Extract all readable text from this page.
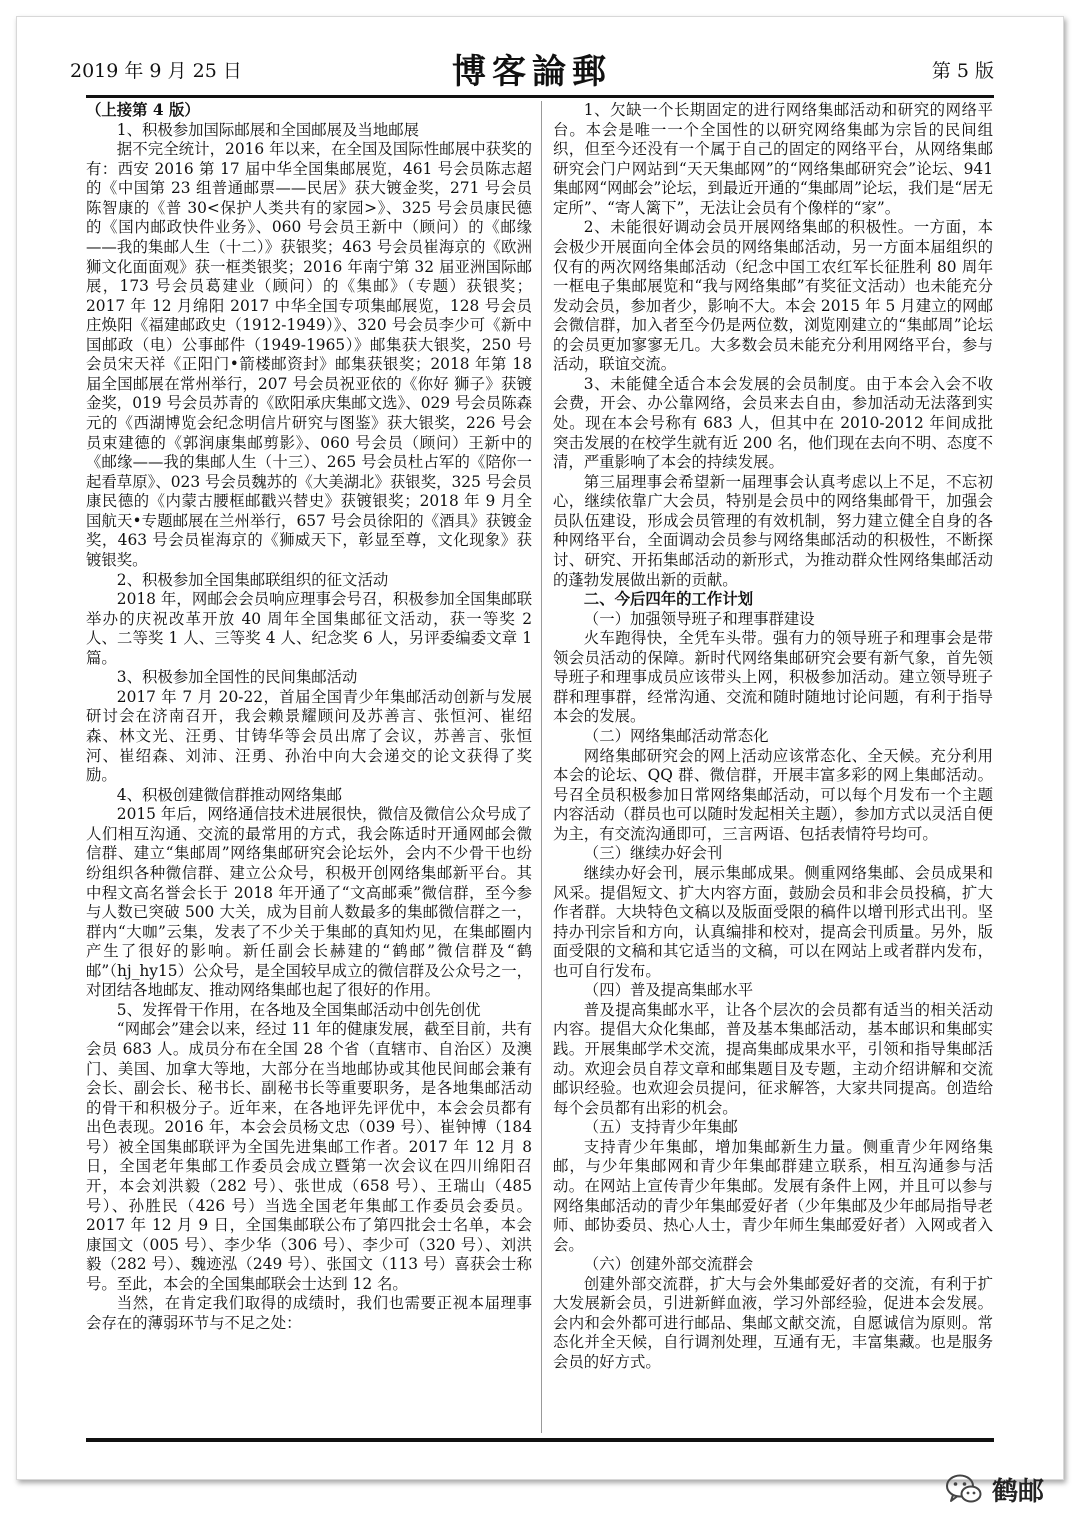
2019 年 9 月 25 日	博客論郵	第 5 版

（上接第 4 版）

1、积极参加国际邮展和全国邮展及当地邮展

据不完全统计，2016 年以来，在全国及国际性邮展中获奖的有：西安 2016 第 17 届中华全国集邮展览，461 号会员陈志超的《中国第 23 组普通邮票——民居》获大镀金奖，271 号会员陈智康的《普 30<保护人类共有的家园>》、325 号会员康民德的《国内邮政快件业务》、060 号会员王新中（顾问）的《邮缘——我的集邮人生（十二）》获银奖；463 号会员崔海京的《欧洲狮文化面面观》获一框类银奖；2016 年南宁第 32 届亚洲国际邮展，173 号会员葛建业（顾问）的《集邮》（专题）获银奖；2017 年 12 月绵阳 2017 中华全国专项集邮展览，128 号会员庄焕阳《福建邮政史（1912-1949）》、320 号会员李少可《新中国邮政（电）公事邮件（1949-1965）》邮集获大银奖，250 号会员宋天祥《正阳门•箭楼邮资封》邮集获银奖；2018 年第 18 届全国邮展在常州举行，207 号会员祝亚依的《你好 狮子》获镀金奖，019 号会员苏青的《欧阳承庆集邮文选》、029 号会员陈森元的《西湖博览会纪念明信片研究与图鉴》获大银奖，226 号会员束建德的《郭润康集邮剪影》、060 号会员（顾问）王新中的《邮缘——我的集邮人生（十三）、265 号会员杜占军的《陪你一起看草原》、023 号会员魏苏的《大美湖北》获银奖，325 号会员康民德的《内蒙古腰框邮戳兴替史》获镀银奖；2018 年 9 月全国航天•专题邮展在兰州举行，657 号会员徐阳的《酒具》获镀金奖，463 号会员崔海京的《狮威天下，彰显至尊，文化现象》获镀银奖。

2、积极参加全国集邮联组织的征文活动

2018 年，网邮会会员响应理事会号召，积极参加全国集邮联举办的庆祝改革开放 40 周年全国集邮征文活动，获一等奖 2 人、二等奖 1 人、三等奖 4 人、纪念奖 6 人，另评委编委文章 1 篇。

3、积极参加全国性的民间集邮活动

2017 年 7 月 20-22，首届全国青少年集邮活动创新与发展研讨会在济南召开，我会赖景耀顾问及苏善言、张恒河、崔绍森、林文光、汪勇、甘铸华等会员出席了会议，苏善言、张恒河、崔绍森、刘沛、汪勇、孙治中向大会递交的论文获得了奖励。

4、积极创建微信群推动网络集邮

2015 年后，网络通信技术进展很快，微信及微信公众号成了人们相互沟通、交流的最常用的方式，我会陈适时开通网邮会微信群、建立“集邮周”网络集邮研究会论坛外，会内不少骨干也纷纷组织各种微信群、建立公众号，积极开创网络集邮新平台。其中程文高名誉会长于 2018 年开通了“文高邮乘”微信群，至今参与人数已突破 500 大关，成为目前人数最多的集邮微信群之一，群内“大咖”云集，发表了不少关于集邮的真知灼见，在集邮圈内产生了很好的影响。新任副会长赫建的“鹤邮”微信群及“鹤邮”（hj_hy15）公众号，是全国较早成立的微信群及公众号之一，对团结各地邮友、推动网络集邮也起了很好的作用。

5、发挥骨干作用，在各地及全国集邮活动中创先创优

“网邮会”建会以来，经过 11 年的健康发展，截至目前，共有会员 683 人。成员分布在全国 28 个省（直辖市、自治区）及澳门、美国、加拿大等地，大部分在当地邮协或其他民间邮会兼有会长、副会长、秘书长、副秘书长等重要职务，是各地集邮活动的骨干和积极分子。近年来，在各地评先评优中，本会会员都有出色表现。2016 年，本会会员杨文忠（039 号）、崔钟博（184 号）被全国集邮联评为全国先进集邮工作者。2017 年 12 月 8 日，全国老年集邮工作委员会成立暨第一次会议在四川绵阳召开，本会刘洪毅（282 号）、张世成（658 号）、王瑞山（485 号）、孙胜民（426 号）当选全国老年集邮工作委员会委员。2017 年 12 月 9 日，全国集邮联公布了第四批会士名单，本会康国文（005 号）、李少华（306 号）、李少可（320 号）、刘洪毅（282 号）、魏迹泓（249 号）、张国文（113 号）喜获会士称号。至此，本会的全国集邮联会士达到 12 名。

当然，在肯定我们取得的成绩时，我们也需要正视本届理事会存在的薄弱环节与不足之处：

1、欠缺一个长期固定的进行网络集邮活动和研究的网络平台。本会是唯一一个全国性的以研究网络集邮为宗旨的民间组织，但至今还没有一个属于自己的固定的网络平台，从网络集邮研究会门户网站到“天天集邮网”的“网络集邮研究会”论坛、941 集邮网“网邮会”论坛，到最近开通的“集邮周”论坛，我们是“居无定所”、“寄人篱下”，无法让会员有个像样的“家”。

2、未能很好调动会员开展网络集邮的积极性。一方面，本会极少开展面向全体会员的网络集邮活动，另一方面本届组织的仅有的两次网络集邮活动（纪念中国工农红军长征胜利 80 周年一框电子集邮展览和“我与网络集邮”有奖征文活动）也未能充分发动会员，参加者少，影响不大。本会 2015 年 5 月建立的网邮会微信群，加入者至今仍是两位数，浏览刚建立的“集邮周”论坛的会员更加寥寥无几。大多数会员未能充分利用网络平台，参与活动，联谊交流。

3、未能健全适合本会发展的会员制度。由于本会入会不收会费，开会、办公靠网络，会员来去自由，参加活动无法落到实处。现在本会号称有 683 人，但其中在 2010-2012 年间成批突击发展的在校学生就有近 200 名，他们现在去向不明、态度不清，严重影响了本会的持续发展。

第三届理事会希望新一届理事会认真考虑以上不足，不忘初心，继续依靠广大会员，特别是会员中的网络集邮骨干，加强会员队伍建设，形成会员管理的有效机制，努力建立健全自身的各种网络平台，全面调动会员参与网络集邮活动的积极性，不断探讨、研究、开拓集邮活动的新形式，为推动群众性网络集邮活动的蓬勃发展做出新的贡献。

二、今后四年的工作计划

（一）加强领导班子和理事群建设

火车跑得快，全凭车头带。强有力的领导班子和理事会是带领会员活动的保障。新时代网络集邮研究会要有新气象，首先领导班子和理事成员应该带头上网，积极参加活动。建立领导班子群和理事群，经常沟通、交流和随时随地讨论问题，有利于指导本会的发展。

（二）网络集邮活动常态化

网络集邮研究会的网上活动应该常态化、全天候。充分利用本会的论坛、QQ 群、微信群，开展丰富多彩的网上集邮活动。号召全员积极参加日常网络集邮活动，可以每个月发布一个主题内容活动（群员也可以随时发起相关主题），参加方式以灵活自便为主，有交流沟通即可，三言两语、包括表情符号均可。

（三）继续办好会刊

继续办好会刊，展示集邮成果。侧重网络集邮、会员成果和风采。提倡短文、扩大内容方面，鼓励会员和非会员投稿，扩大作者群。大块特色文稿以及版面受限的稿件以增刊形式出刊。坚持办刊宗旨和方向，认真编排和校对，提高会刊质量。另外，版面受限的文稿和其它适当的文稿，可以在网站上或者群内发布，也可自行发布。

（四）普及提高集邮水平

普及提高集邮水平，让各个层次的会员都有适当的相关活动内容。提倡大众化集邮，普及基本集邮活动，基本邮识和集邮实践。开展集邮学术交流，提高集邮成果水平，引领和指导集邮活动。欢迎会员自荐文章和邮集题目及专题，主动介绍讲解和交流邮识经验。也欢迎会员提问，征求解答，大家共同提高。创造给每个会员都有出彩的机会。

（五）支持青少年集邮

支持青少年集邮，增加集邮新生力量。侧重青少年网络集邮，与少年集邮网和青少年集邮群建立联系，相互沟通参与活动。在网站上宣传青少年集邮。发展有条件上网，并且可以参与网络集邮活动的青少年集邮爱好者（少年集邮及少年邮局指导老师、邮协委员、热心人士，青少年师生集邮爱好者）入网或者入会。

（六）创建外部交流群会

创建外部交流群，扩大与会外集邮爱好者的交流，有利于扩大发展新会员，引进新鲜血液，学习外部经验，促进本会发展。会内和会外都可进行邮品、集邮文献交流，自愿诚信为原则。常态化并全天候，自行调剂处理，互通有无，丰富集藏。也是服务会员的好方式。

鹤邮
